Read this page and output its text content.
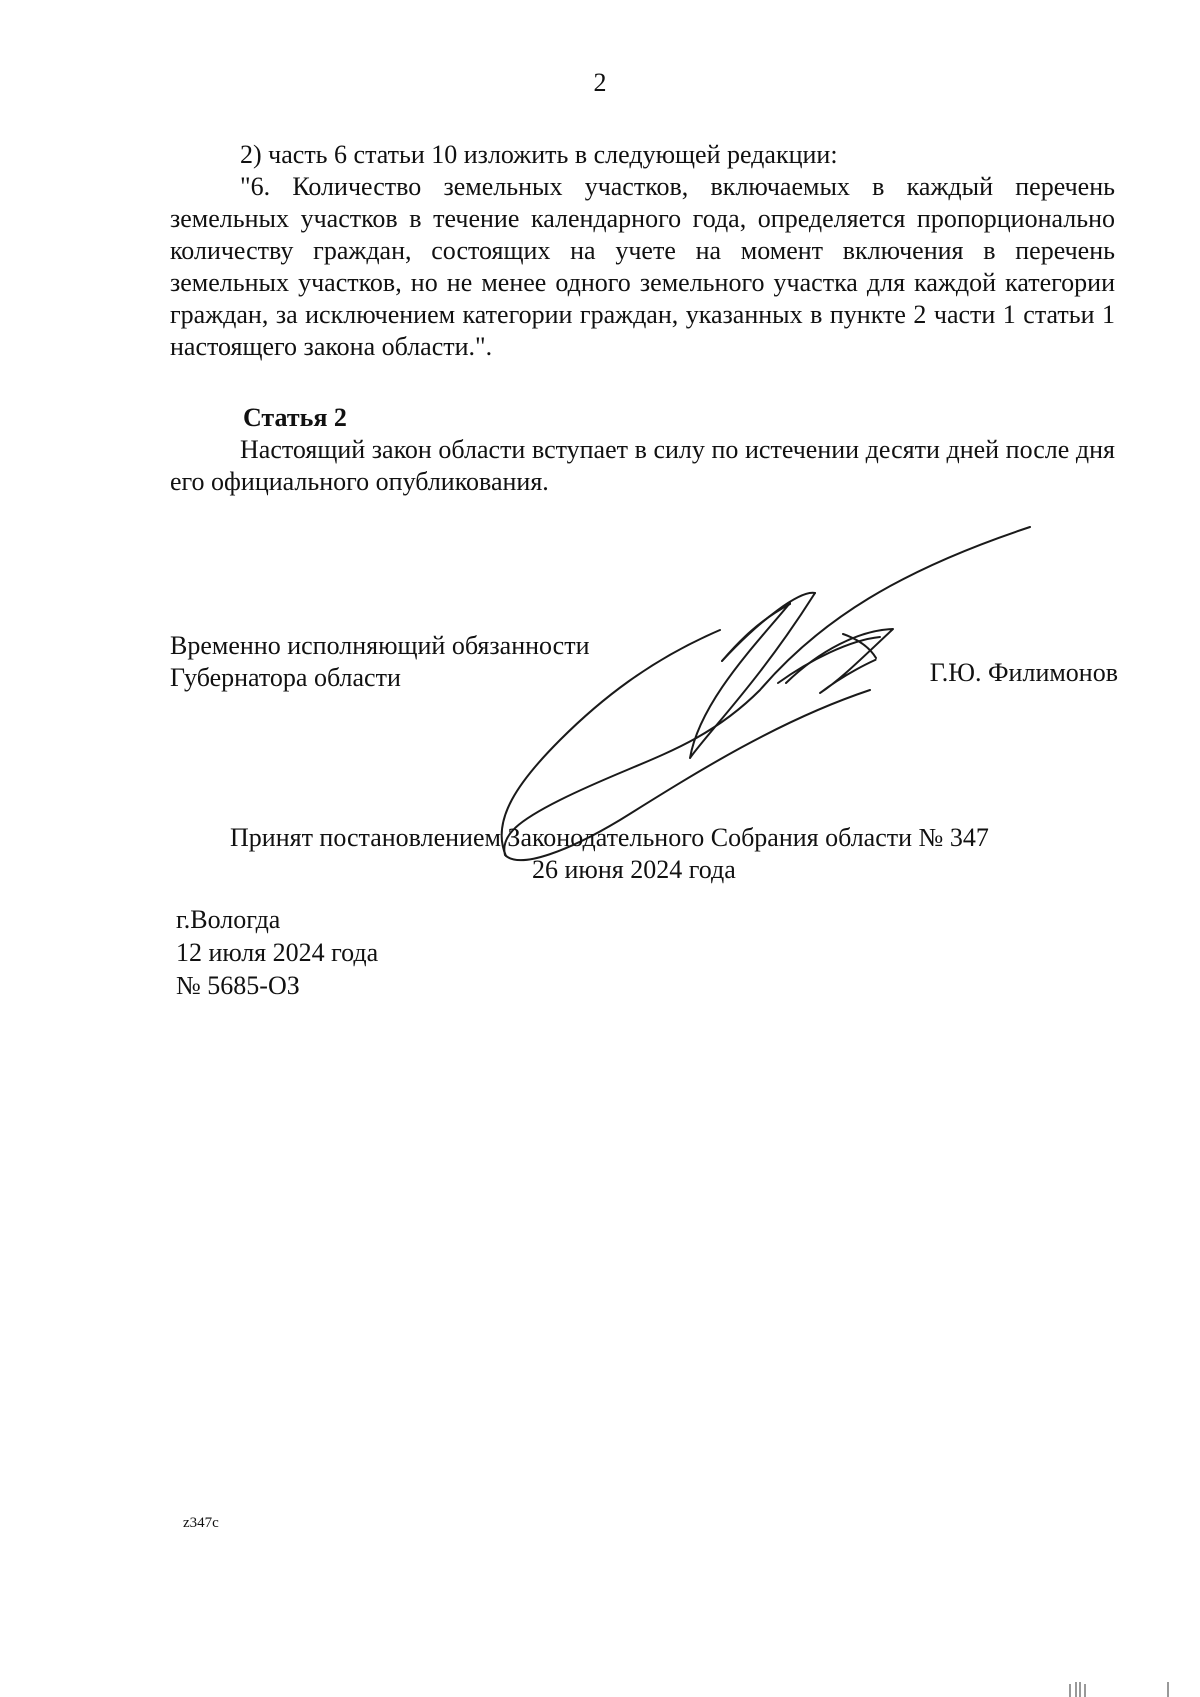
2

2) часть 6 статьи 10 изложить в следующей редакции:

"6. Количество земельных участков, включаемых в каждый перечень земельных участков в течение календарного года, определяется пропорционально количеству граждан, состоящих на учете на момент включения в перечень земельных участков, но не менее одного земельного участка для каждой категории граждан, за исключением категории граждан, указанных в пункте 2 части 1 статьи 1 настоящего закона области.".

Статья 2

Настоящий закон области вступает в силу по истечении десяти дней после дня его официального опубликования.

Временно исполняющий обязанности
Губернатора области	Г.Ю. Филимонов
Принят постановлением Законодательного Собрания области № 347
26 июня 2024 года
г.Вологда
12 июля 2024 года
№ 5685-ОЗ
z347c
